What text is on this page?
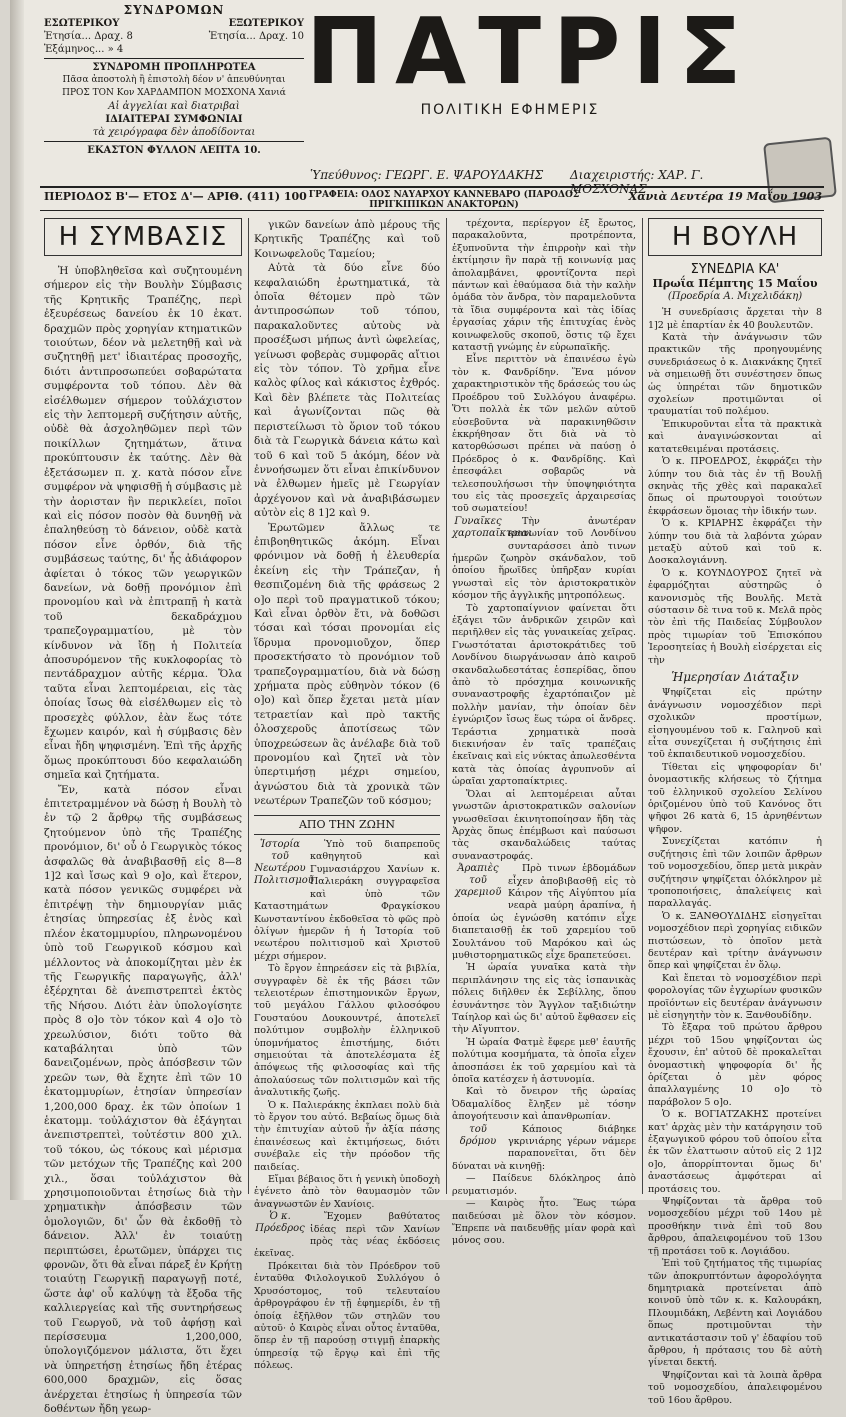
ΣΥΝΔΡΟΜΩΝ
ΕΣΩΤΕΡΙΚΟΥ	ΕΞΩΤΕΡΙΚΟΥ
Ἐτησία... Δραχ. 8	Ἐτησία... Δραχ. 10
Ἑξάμηνος... » 4
ΣΥΝΔΡΟΜΗ ΠΡΟΠΛΗΡΩΤΕΑ
Πᾶσα ἀποστολὴ ἢ ἐπιστολὴ δέον ν' ἀπευθύνηται
ΠΡΟΣ ΤΟΝ Κον ΧΑΡΔΑΜΠΟΝ ΜΟΣΧΟΝΑ Χανιά
Αἱ ἀγγελίαι καὶ διατριβαὶ
ΙΔΙΑΙΤΕΡΑΙ ΣΥΜΦΩΝΙΑΙ
τὰ χειρόγραφα δὲν ἀποδίδονται
ΕΚΑΣΤΟΝ ΦΥΛΛΟΝ ΛΕΠΤΑ 10.
ΠΑΤΡΙΣ
ΠΟΛΙΤΙΚΗ ΕΦΗΜΕΡΙΣ
Ὑπεύθυνος: ΓΕΩΡΓ. Ε. ΨΑΡΟΥΔΑΚΗΣ Διαχειριστής: ΧΑΡ. Γ. ΜΟΣΧΟΝΑΣ
ΠΕΡΙΟΔΟΣ Β'— ΕΤΟΣ Δ'— ΑΡΙΘ. (411) 100 ΓΡΑΦΕΙΑ: ΟΔΟΣ ΝΑΥΑΡΧΟΥ ΚΑΝΝΕΒΑΡΟ (ΠΑΡΟΔΟΣ ΠΡΙΓΚΙΠΙΚΩΝ ΑΝΑΚΤΟΡΩΝ)
Χανιὰ Δευτέρα 19 Μαΐου 1903
Η ΣΥΜΒΑΣΙΣ

Ἡ ὑποβληθεῖσα καὶ συζητουμένη σήμερον εἰς τὴν Βουλὴν Σύμβασις τῆς Κρητικῆς Τραπέζης, περὶ ἐξευρέσεως δανείου ἐκ 10 ἑκατ. δραχμῶν πρὸς χορηγίαν κτηματικῶν τοιούτων, δέον νὰ μελετηθῇ καὶ νὰ συζητηθῇ μετ' ἰδιαιτέρας προσοχῆς, διότι ἀντιπροσωπεύει σοβαρώτατα συμφέροντα τοῦ τόπου. Δὲν θὰ εἰσέλθωμεν σήμερον τοὐλάχιστον εἰς τὴν λεπτομερῆ συζήτησιν αὐτῆς, οὐδὲ θὰ ἀσχοληθῶμεν περὶ τῶν ποικίλλων ζητημάτων, ἅτινα προκύπτουσιν ἐκ ταύτης. Δὲν θὰ ἐξετάσωμεν π. χ. κατὰ πόσον εἶνε συμφέρον νὰ ψηφισθῇ ἡ σύμβασις μὲ τὴν ἀορισταν ἣν περικλείει, ποῖοι καὶ εἰς πόσον ποσὸν θὰ δυνηθῇ νὰ ἐπαληθεύσῃ τὸ δάνειον, οὐδὲ κατὰ πόσον εἶνε ὀρθόν, διὰ τῆς συμβάσεως ταύτης, δι' ἧς ἀδιάφορον ἀφίεται ὁ τόκος τῶν γεωργικῶν δανείων, νὰ δοθῇ προνόμιον ἐπὶ προνομίου καὶ νὰ ἐπιτραπῇ ἡ κατὰ τοῦ δεκαδράχμου τραπεζογραμματίου, μὲ τὸν κίνδυνον νὰ ἴδῃ ἡ Πολιτεία ἀποσυρόμενον τῆς κυκλοφορίας τὸ πεντάδραχμον αὐτῆς κέρμα. Ὅλα ταῦτα εἶναι λεπτομέρειαι, εἰς τὰς ὁποίας ἴσως θὰ εἰσέλθωμεν εἰς τὸ προσεχὲς φύλλον, ἐὰν ἕως τότε ἔχωμεν καιρόν, καὶ ἡ σύμβασις δὲν εἶναι ἤδη ψηφισμένη. Ἐπὶ τῆς ἀρχῆς ὅμως προκύπτουσι δύο κεφαλαιώδη σημεῖα καὶ ζητήματα.

Ἔν, κατὰ πόσον εἶναι ἐπιτετραμμένον νὰ δώσῃ ἡ Βουλὴ τὸ ἐν τῷ 2 ἄρθρῳ τῆς συμβάσεως ζητούμενον ὑπὸ τῆς Τραπέζης προνόμιον, δι' οὗ ὁ Γεωργικὸς τόκος ἀσφαλῶς θὰ ἀναβιβασθῇ εἰς 8—8 1]2 καὶ ἴσως καὶ 9 ο]ο, καὶ ἕτερον, κατὰ πόσον γενικῶς συμφέρει νὰ ἐπιτρέψῃ τὴν δημιουργίαν μιᾶς ἐτησίας ὑπηρεσίας ἐξ ἑνὸς καὶ πλέον ἑκατομμυρίου, πληρωνομένου ὑπὸ τοῦ Γεωργικοῦ κόσμου καὶ μέλλοντος νὰ ἀποκομίζηται μὲν ἐκ τῆς Γεωργικῆς παραγωγῆς, ἀλλ' ἐξέρχηται δὲ ἀνεπιστρεπτεὶ ἐκτὸς τῆς Νήσου. Διότι ἐὰν ὑπολογίσητε πρὸς 8 ο]ο τὸν τόκον καὶ 4 ο]ο τὸ χρεωλύσιον, διότι τοῦτο θὰ καταβάληται ὑπὸ τῶν δανειζομένων, πρὸς ἀπόσβεσιν τῶν χρεῶν των, θὰ ἔχητε ἐπὶ τῶν 10 ἑκατομμυρίων, ἐτησίαν ὑπηρεσίαν 1,200,000 δραχ. ἐκ τῶν ὁποίων 1 ἑκατομμ. τοὐλάχιστον θὰ ἐξάγηται ἀνεπιστρεπτεὶ, τοὐτέστιν 800 χιλ. τοῦ τόκου, ὡς τόκους καὶ μέρισμα τῶν μετόχων τῆς Τραπέζης καὶ 200 χιλ., ὅσαι τοὐλάχιστον θὰ χρησιμοποιοῦνται ἐτησίως διὰ τὴν χρηματικὴν ἀπόσβεσιν τῶν ὁμολογιῶν, δι' ὧν θὰ ἐκδοθῇ τὸ δάνειον. Ἀλλ' ἐν τοιαύτῃ περιπτώσει, ἐρωτῶμεν, ὑπάρχει τις φρονῶν, ὅτι θὰ εἶναι πάρεξ ἐν Κρήτῃ τοιαύτῃ Γεωργικῇ παραγωγῇ ποτέ, ὥστε ἀφ' οὗ καλύψῃ τὰ ἔξοδα τῆς καλλιεργείας καὶ τῆς συντηρήσεως τοῦ Γεωργοῦ, νὰ τοῦ ἀφήσῃ καὶ περίσσευμα 1,200,000, ὑπολογιζόμενον μάλιστα, ὅτι ἔχει νὰ ὑπηρετήσῃ ἐτησίως ἤδη ἐτέρας 600,000 δραχμῶν, εἰς ὅσας ἀνέρχεται ἐτησίως ἡ ὑπηρεσία τῶν δοθέντων ἤδη γεωρ-

γικῶν δανείων ἀπὸ μέρους τῆς Κρητικῆς Τραπέζης καὶ τοῦ Κοινωφελοῦς Ταμείου;

Αὐτὰ τὰ δύο εἶνε δύο κεφαλαιώδη ἐρωτηματικά, τὰ ὁποῖα θέτομεν πρὸ τῶν ἀντιπροσώπων τοῦ τόπου, παρακαλοῦντες αὐτοὺς νὰ προσέξωσι μήπως ἀντὶ ὠφελείας, γείνωσι φοβερὰς συμφορᾶς αἴτιοι εἰς τὸν τόπον. Τὸ χρῆμα εἶνε καλὸς φίλος καὶ κάκιστος ἐχθρός. Καὶ δὲν βλέπετε τὰς Πολιτείας καὶ ἀγωνίζονται πῶς θὰ περιστείλωσι τὸ ὅριον τοῦ τόκου διὰ τὰ Γεωργικὰ δάνεια κάτω καὶ τοῦ 6 καὶ τοῦ 5 ἀκόμη, δέον νὰ ἐννοήσωμεν ὅτι εἶναι ἐπικίνδυνον νὰ ἐλθωμεν ἡμεῖς μὲ Γεωργίαν ἀρχέγονον καὶ νὰ ἀναβιβάσωμεν αὐτὸν εἰς 8 1]2 καὶ 9.

Ἐρωτῶμεν ἄλλως τε ἐπιβοηθητικῶς ἀκόμη. Εἶναι φρόνιμον νὰ δοθῇ ἡ ἐλευθερία ἐκείνη εἰς τὴν Τράπεζαν, ἡ θεσπιζομένη διὰ τῆς φράσεως 2 ο]ο περὶ τοῦ πραγματικοῦ τόκου; Καὶ εἶναι ὀρθὸν ἔτι, νὰ δοθῶσι τόσαι καὶ τόσαι προνομίαι εἰς ἵδρυμα προνομιοῦχον, ὅπερ προσεκτήσατο τὸ προνόμιον τοῦ τραπεζογραμματίου, διὰ νὰ δώσῃ χρήματα πρὸς εὐθηνὸν τόκον (6 ο]ο) καὶ ὅπερ ἔχεται μετὰ μίαν τετραετίαν καὶ πρὸ τακτῆς ὁλοσχεροῦς ἀποτίσεως τῶν ὑποχρεώσεων ἃς ἀνέλαβε διὰ τοῦ προνομίου καὶ ζητεῖ νὰ τὸν ὑπερτιμήσῃ μέχρι σημείου, ἀγνώστου διὰ τὰ χρονικὰ τῶν νεωτέρων Τραπεζῶν τοῦ κόσμου;

ΑΠΟ ΤΗΝ ΖΩΗΝ
Ἱστορία τοῦ Νεωτέρου Πολιτισμοῦ

Ὑπὸ τοῦ διαπρεποῦς καθηγητοῦ καὶ Γυμνασιάρχου Χανίων κ. Παλιεράκη συγγραφεῖσα καὶ ὑπὸ τῶν Καταστημάτων Φραγκίσκου Κωνσταντίνου ἐκδοθεῖσα τὸ φῶς πρὸ ὀλίγων ἡμερῶν ἡ ἡ Ἱστορία τοῦ νεωτέρου πολιτισμοῦ καὶ Χριστοῦ μέχρι σήμερον.

Τὸ ἔργον ἐπηρεάσεν εἰς τὰ βιβλία, συγγραφὲν δὲ ἐκ τῆς βάσει τῶν τελειοτέρων ἐπιστημονικῶν ἔργων, τοῦ μεγάλου Γάλλου φιλοσόφου Γουσταύου Δουκουντρέ, ἀποτελεῖ πολύτιμον συμβολὴν ἐλληνικοῦ ὑπομνήματος ἐπιστήμης, διότι σημειούται τὰ ἀποτελέσματα ἐξ ἀπόψεως τῆς φιλοσοφίας καὶ τῆς ἀπολαύσεως τῶν πολιτισμῶν καὶ τῆς ἀναλυτικῆς ζωῆς.

Ὁ κ. Παλιεράκης ἐκπλαει πολὺ διὰ τὸ ἔργον του αὐτό. Βεβαίως ὅμως διὰ τὴν ἐπιτυχίαν αὐτοῦ ἦν ἀξία πάσης ἐπαινέσεως καὶ ἐκτιμήσεως, διότι συνέβαλε εἰς τὴν πρόοδον τῆς παιδείας.

Εἴμαι βέβαιος ὅτι ἡ γενικὴ ὑποδοχὴ ἐγένετο ἀπὸ τὸν θαυμασμὸν τῶν ἀναγνωστῶν ἐν Χανίοις.

Ὁ κ. Πρόεδρος

Ἔχομεν βαθύτατος ἰδέας περὶ τῶν Χανίων πρὸς τὰς νέας ἐκδόσεις ἐκεῖνας.

Πρόκειται διὰ τὸν Πρόεδρον τοῦ ἐνταῦθα Φιλολογικοῦ Συλλόγου ὁ Χρυσόστομος, τοῦ τελευταίου ἀρθρογράφου ἐν τῇ ἐφημερίδι, ἐν τῇ ὁποίᾳ ἐξῆλθον τῶν στηλῶν του αὐτοῦ· ὁ Καιρὸς εἶναι οὗτος ἐνταῦθα, ὅπερ ἐν τῇ παρούσῃ στιγμῇ ἐπαρκὴς ὑπηρεσίᾳ τῷ ἔργῳ καὶ ἐπὶ τῆς πόλεως.

τρέχοντα, περίεργον ἐξ ἔρωτος, παρακαλοῦντα, προτρέποντα, ἐξυπνοῦντα τὴν ἐπιρροὴν καὶ τὴν ἐκτίμησιν ἣν παρὰ τῇ κοινωνίᾳ μας ἀπολαμβάνει, φροντίζοντα περὶ πάντων καὶ ἐθαύμασα διὰ τὴν καλὴν ὁμάδα τὸν ἄνδρα, τὸν παραμελοῦντα τὰ ἴδια συμφέροντα καὶ τὰς ἰδίας ἐργασίας χάριν τῆς ἐπιτυχίας ἑνὸς κοινωφελοῦς σκοποῦ, ὅστις τῷ ἔχει καταστῇ γνώμης ἐν εὐρωπαϊκῆς.

Εἶνε περιττὸν νὰ ἐπαινέσω ἐγὼ τὸν κ. Φανδρίδην. Ἕνα μόνον χαρακτηριστικὸν τῆς δράσεώς του ὡς Προέδρου τοῦ Συλλόγου ἀναφέρω. Ὅτι πολλὰ ἐκ τῶν μελῶν αὐτοῦ εὐσεβοῦντα νὰ παρακινηθῶσιν ἐκκρήθησαν ὅτι διὰ νὰ τὸ κατορθώσωσι πρέπει νὰ παύσῃ ὁ Πρόεδρος ὁ κ. Φανδρίδης. Καὶ ἐπεσφάλει σοβαρῶς νὰ τελεσπουλήσωσι τὴν ὑποψηφιότητα του εἰς τὰς προσεχεῖς ἀρχαιρεσίας τοῦ σωματείου!

Γυναῖκες χαρτοπαῖκτριαι

Τὴν ἀνωτέραν κοινωνίαν τοῦ Λονδίνου συνταράσσει ἀπὸ τινων ἡμερῶν ζωηρὸν σκάνδαλον, τοῦ ὁποίου ἥρωῖδες ὑπῆρξαν κυρίαι γνωσταὶ εἰς τὸν ἀριστοκρατικὸν κόσμον τῆς ἀγγλικῆς μητροπόλεως.

Τὸ χαρτοπαίγνιον φαίνεται ὅτι ἐξάγει τῶν ἀνδρικῶν χειρῶν καὶ περιῆλθεν εἰς τὰς γυναικείας χεῖρας. Γνωστόταται ἀριστοκράτιδες τοῦ Λονδίνου διωργάνωσαν ἀπὸ καιροῦ σκανδαλωδεστάτας ἑσπερίδας, ὅπου ἀπὸ τὸ πρόσχημα κοινωνικῆς συναναστροφῆς ἐχαρτόπαιζον μὲ πολλὴν μανίαν, τὴν ὁποίαν δὲν ἐγνώριζον ἴσως ἕως τώρα οἱ ἄνδρες. Τεράστια χρηματικὰ ποσὰ διεκινήσαν ἐν ταῖς τραπέζαις ἐκεῖναις καὶ εἰς νύκτας ἀπωλεσθέντα κατὰ τὰς ὁποίας ἀγρυπνοῦν αἱ ὡραῖαι χαρτοπαίκτριες.

Ὅλαι αἱ λεπτομέρειαι αὗται γνωστῶν ἀριστοκρατικῶν σαλονίων γνωσθεῖσαι ἐκινητοποίησαν ἤδη τὰς Ἀρχὰς ὅπως ἐπέμβωσι καὶ παύσωσι τὰς σκανδαλώδεις ταύτας συναναστροφάς.

Ἀραπιὲς τοῦ χαρεμιοῦ

Πρὸ τινων ἑβδομάδων εἶχεν ἀποβιβασθῇ εἰς τὸ Κάιρον τῆς Αἰγύπτου μία νεαρὰ μαύρη ἀραπίνα, ἡ ὁποία ὡς ἐγνώσθη κατόπιν εἶχε διαπεταισθῇ ἐκ τοῦ χαρεμίου τοῦ Σουλτάνου τοῦ Μαρόκου καὶ ὡς μυθιστορηματικῶς εἶχε δραπετεύσει.

Ἡ ὡραία γυναῖκα κατὰ τὴν περιπλάνησιν της εἰς τὰς ἰσπανικὰς πόλεις διῆλθεν ἐκ Σεβίλλης, ὅπου ἐσυνάντησε τὸν Ἄγγλον ταξιδιώτην Ταίηλορ καὶ ὡς δι' αὐτοῦ ἔφθασεν εἰς τὴν Αἴγυπτον.

Ἡ ὡραία Φατμὲ ἔφερε μεθ' ἑαυτῆς πολύτιμα κοσμήματα, τὰ ὁποῖα εἶχεν ἀποσπάσει ἐκ τοῦ χαρεμίου καὶ τὰ ὁποῖα κατέσχεν ἡ ἀστυνομία.

Καὶ τὸ ὄνειρον τῆς ὡραίας Ὀδαμαλίδος ἔληξεν μὲ τόσην ἀπογοήτευσιν καὶ ἀπανθρωπίαν.

τοῦ δρόμου

Κάποιος διάβηκε γκρινιάρης γέρων νάμερε παραπονεῖται, ὅτι δὲν δύναται νὰ κινηθῇ:

— Παίδευε δλόκληρος ἀπὸ ρευματισμόν.

— Καιρὸς ἦτο. Ἕως τώρα παιδεύσαι μὲ ὅλον τὸν κόσμον. Ἔπρεπε νὰ παιδευθῇς μίαν φορὰ καὶ μόνος σου.

Η ΒΟΥΛΗ
ΣΥΝΕΔΡΙΑ ΚΑ'
Πρωΐα Πέμπτης 15 Μαΐου
(Προεδρία Α. Μιχελιδάκη)

Ἡ συνεδρίασις ἄρχεται τὴν 8 1]2 μὲ ἐπαρτίαν ἐκ 40 βουλευτῶν.

Κατὰ τὴν ἀνάγνωσιν τῶν πρακτικῶν τῆς προηγουμένης συνεδριάσεως ὁ κ. Διακνάκης ζητεῖ νὰ σημειωθῇ ὅτι συνέστησεν ὅπως ὡς ὑπηρέται τῶν δημοτικῶν σχολείων προτιμῶνται οἱ τραυματίαι τοῦ πολέμου.

Ἐπικυροῦνται εἶτα τὰ πρακτικὰ καὶ ἀναγινώσκονται αἱ κατατεθειμέναι προτάσεις.

Ὁ κ. ΠΡΟΕΔΡΟΣ, ἐκφράζει τὴν λύπην του διὰ τὰς ἐν τῇ Βουλῇ σκηνὰς τῆς χθὲς καὶ παρακαλεῖ ὅπως οἱ πρωτουργοὶ τοιούτων ἐκφράσεων ὅμοιας τὴν ἰδικήν των.

Ὁ κ. ΚΡΙΑΡΗΣ ἐκφράζει τὴν λύπην του διὰ τὰ λαβόντα χώραν μεταξὺ αὐτοῦ καὶ τοῦ κ. Δοσκαλογιάννη.

Ὁ κ. ΚΟΥΝΔΟΥΡΟΣ ζητεῖ νὰ ἐφαρμόζηται αὐστηρῶς ὁ κανονισμὸς τῆς Βουλῆς. Μετὰ σύστασιν δὲ τινα τοῦ κ. Μελᾶ πρὸς τὸν ἐπὶ τῆς Παιδείας Σύμβουλον πρὸς τιμωρίαν τοῦ Ἐπισκόπου Ἱεροσητείας ἡ Βουλὴ εἰσέρχεται εἰς τὴν

Ἡμερησίαν Διάταξιν

Ψηφίζεται εἰς πρώτην ἀνάγνωσιν νομοσχέδιον περὶ σχολικῶν προστίμων, εἰσηγουμένου τοῦ κ. Γαληνοῦ καὶ εἶτα συνεχίζεται ἡ συζήτησις ἐπὶ τοῦ ἐκπαιδευτικοῦ νομοσχεδίου.

Τίθεται εἰς ψηφοφορίαν δι' ὀνομαστικῆς κλήσεως τὸ ζήτημα τοῦ ἑλληνικοῦ σχολείου Σελίνου ὁριζομένου ὑπὸ τοῦ Κανόνος ὅτι ψῆφοι 26 κατὰ 6, 15 ἀρνηθέντων ψῆφον.

Συνεχίζεται κατόπιν ἡ συζήτησις ἐπὶ τῶν λοιπῶν ἄρθρων τοῦ νομοσχεδίου, ὅπερ μετὰ μικρὰν συζήτησιν ψηφίζεται ὁλόκληρον μὲ τροποποιήσεις, ἀπαλείψεις καὶ παραλλαγάς.

Ὁ κ. ΞΑΝΘΟΥΔΙΔΗΣ εἰσηγεῖται νομοσχέδιον περὶ χορηγίας ειδικῶν πιστώσεων, τὸ ὁποῖον μετὰ δευτέραν καὶ τρίτην ἀνάγνωσιν ὅπερ καὶ ψηφίζεται ἐν ὅλῳ.

Καὶ ἔπεται τὸ νομοσχέδιον περὶ φορολογίας τῶν ἐγχωρίων φυσικῶν προϊόντων εἰς δευτέραν ἀνάγνωσιν μὲ εἰσηγητὴν τὸν κ. Ξανθουδίδην.

Τὸ ἔξαρα τοῦ πρώτου ἄρθρου μέχρι τοῦ 15ου ψηφίζονται ὡς ἔχουσιν, ἐπ' αὐτοῦ δὲ προκαλεῖται ὀνομαστικὴ ψηφοφορία δι' ἧς ὁρίζεται ὁ μὲν φόρος ἀπαλλαγμένης 10 ο]ο τὸ παράβολον 5 ο]ο.

Ὁ κ. ΒΟΓΙΑΤΖΑΚΗΣ προτείνει κατ' ἀρχὰς μὲν τὴν κατάργησιν τοῦ ἐξαγωγικοῦ φόρου τοῦ ὁποίου εἶτα ἐκ τῶν ἐλαττωσιν αὐτοῦ εἰς 2 1]2 ο]ο, ἀπορρίπτονται ὅμως δι' ἀναστάσεως ἀμφότεραι αἱ προτάσεις του.

Ψηφίζονται τὰ ἄρθρα τοῦ νομοσχεδίου μέχρι τοῦ 14ου μὲ προσθήκην τινὰ ἐπὶ τοῦ 8ου ἄρθρου, ἀπαλειφομένου τοῦ 13ου τῇ προτάσει τοῦ κ. Λογιάδου.

Ἐπὶ τοῦ ζητήματος τῆς τιμωρίας τῶν ἀποκρυπτόντων ἀφορολόγητα δημητριακὰ προτείνεται ἀπὸ κοινοῦ ὑπὸ τῶν κ. κ. Καλουράκη, Πλουμιδάκη, Λεβέντη καὶ Λογιάδου ὅπως προτιμοῦνται τὴν αντικατάστασιν τοῦ γ' ἐδαφίου τοῦ ἄρθρου, ἡ πρότασις του δὲ αὐτὴ γίνεται δεκτή.

Ψηφίζονται καὶ τὰ λοιπὰ ἄρθρα τοῦ νομοσχεδίου, ἀπαλειφομένου τοῦ 16ου ἄρθρου.
